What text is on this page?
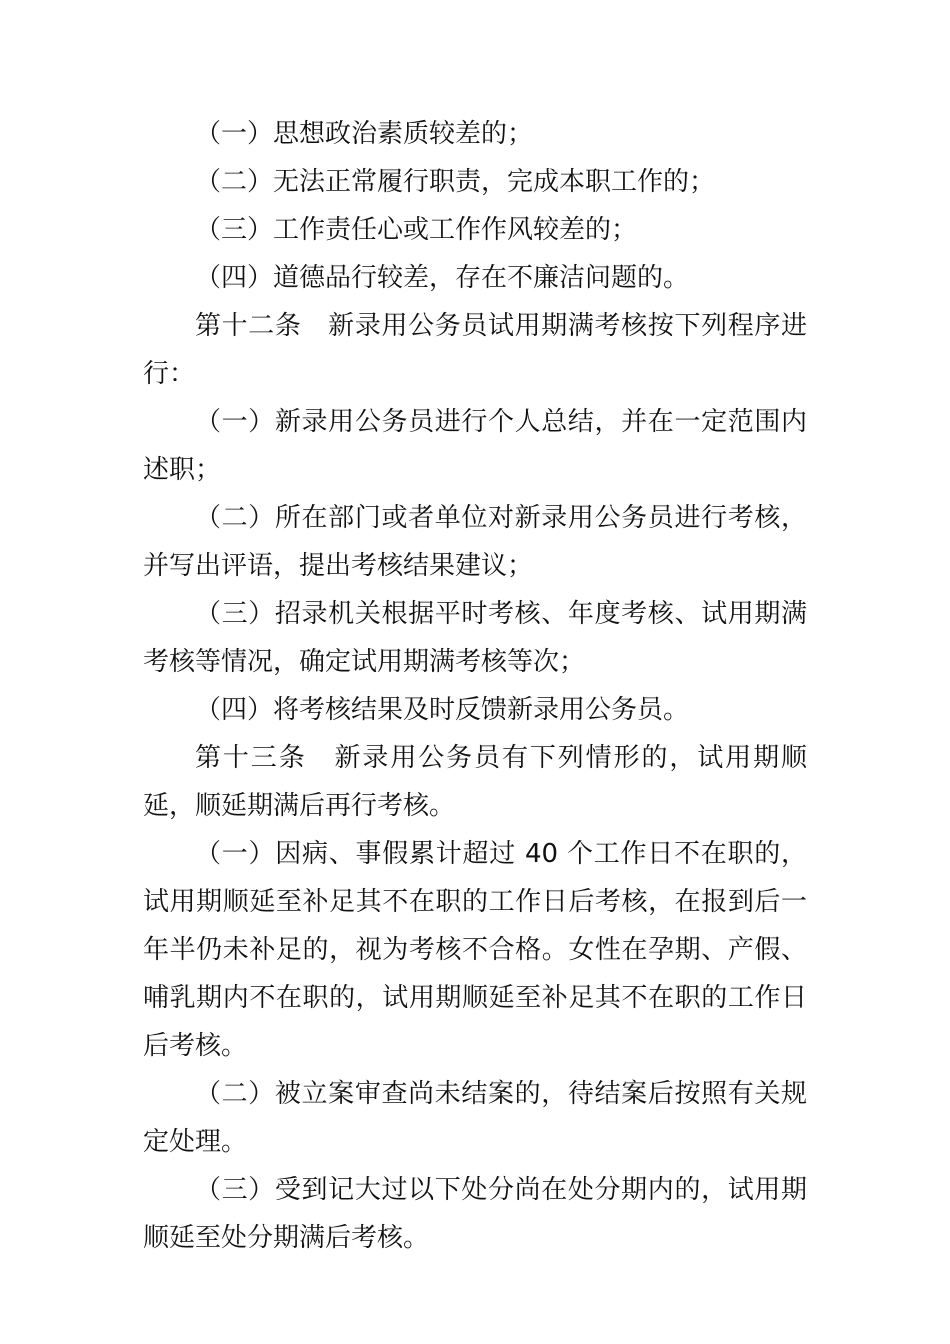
（一）思想政治素质较差的；

（二）无法正常履行职责，完成本职工作的；

（三）工作责任心或工作作风较差的；

（四）道德品行较差，存在不廉洁问题的。

第十二条　新录用公务员试用期满考核按下列程序进行：

（一）新录用公务员进行个人总结，并在一定范围内述职；

（二）所在部门或者单位对新录用公务员进行考核，并写出评语，提出考核结果建议；

（三）招录机关根据平时考核、年度考核、试用期满考核等情况，确定试用期满考核等次；

（四）将考核结果及时反馈新录用公务员。

第十三条　新录用公务员有下列情形的，试用期顺延，顺延期满后再行考核。

（一）因病、事假累计超过 40 个工作日不在职的，试用期顺延至补足其不在职的工作日后考核，在报到后一年半仍未补足的，视为考核不合格。女性在孕期、产假、哺乳期内不在职的，试用期顺延至补足其不在职的工作日后考核。

（二）被立案审查尚未结案的，待结案后按照有关规定处理。

（三）受到记大过以下处分尚在处分期内的，试用期顺延至处分期满后考核。
